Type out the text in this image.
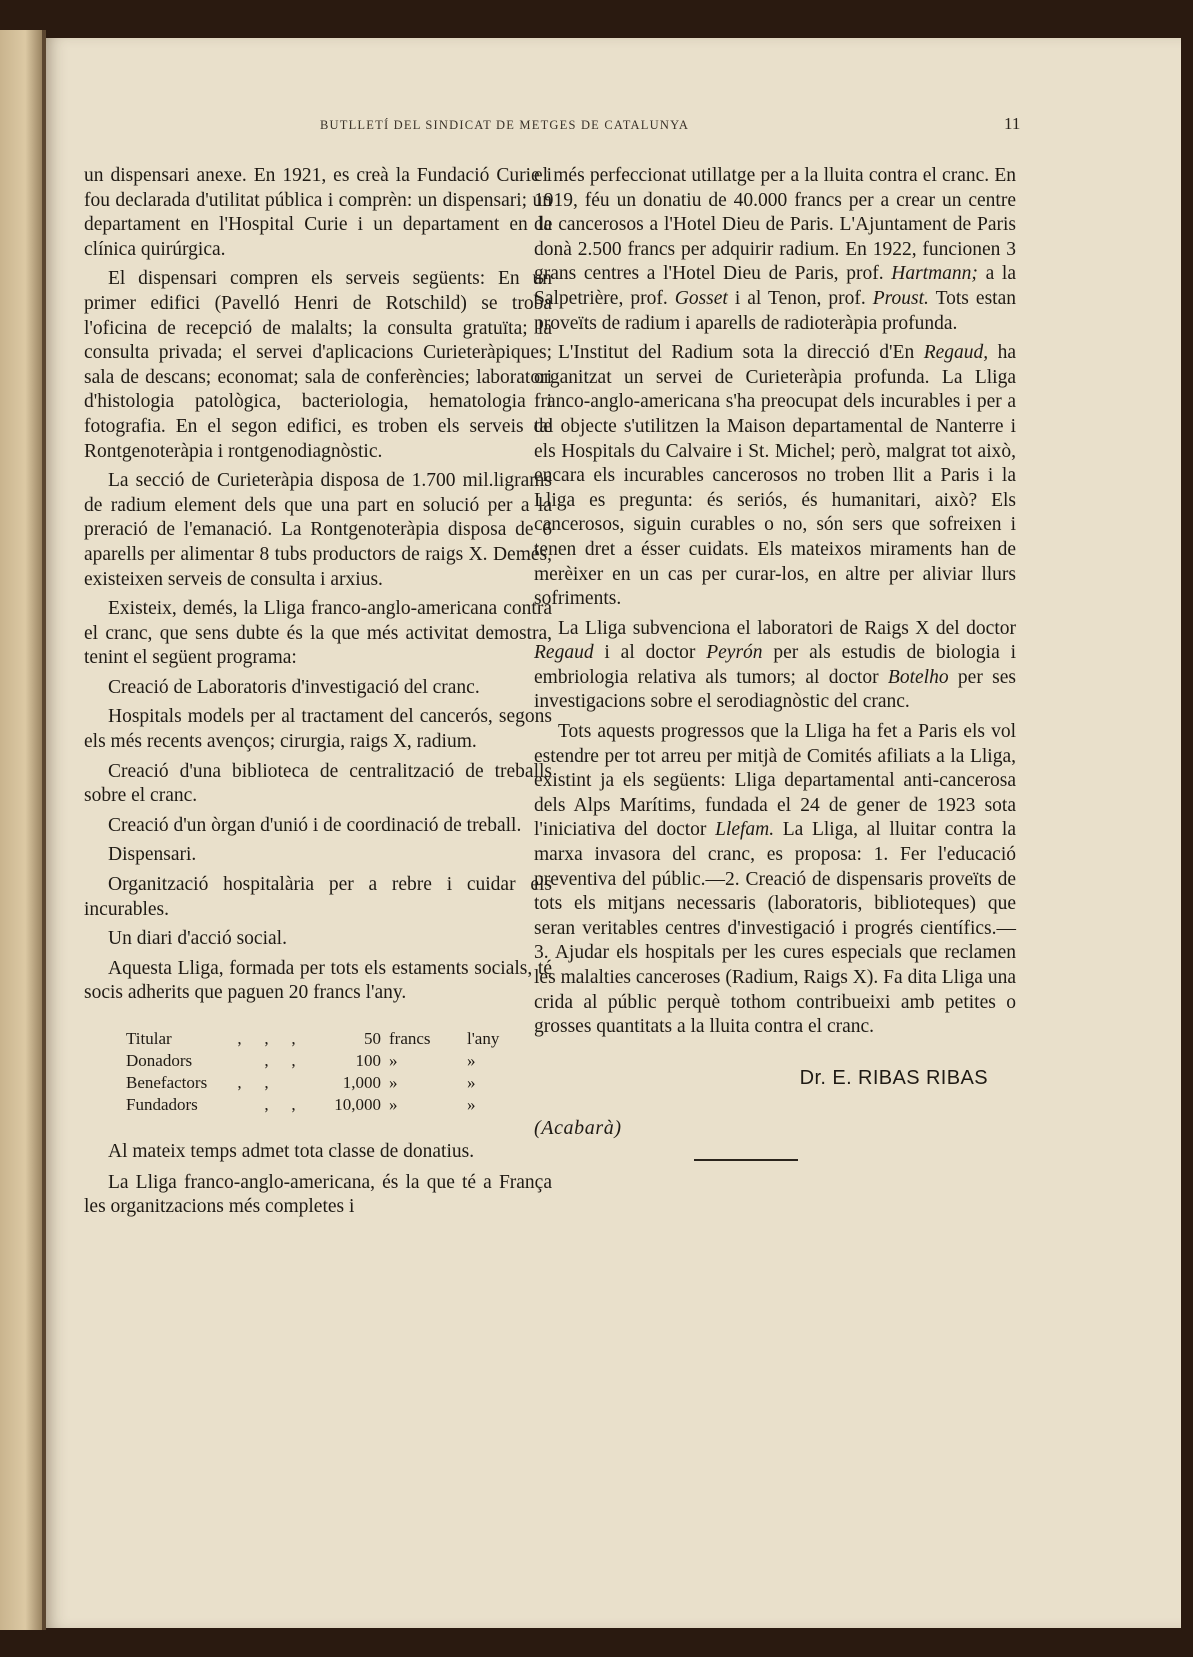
BUTLLETÍ DEL SINDICAT DE METGES DE CATALUNYA	11

un dispensari anexe. En 1921, es creà la Fundació Curie i fou declarada d'utilitat pública i comprèn: un dispensari; un departament en l'Hospital Curie i un departament en la clínica quirúrgica.

El dispensari compren els serveis següents: En un primer edifici (Pavelló Henri de Rotschild) se troba l'oficina de recepció de malalts; la consulta gratuïta; la consulta privada; el servei d'aplicacions Curieteràpiques; sala de descans; economat; sala de conferències; laboratori d'histologia patològica, bacteriologia, hematologia i fotografia. En el segon edifici, es troben els serveis de Rontgenoteràpia i rontgenodiagnòstic.

La secció de Curieteràpia disposa de 1.700 mil.ligrams de radium element dels que una part en solució per a la preració de l'emanació. La Rontgenoteràpia disposa de 6 aparells per alimentar 8 tubs productors de raigs X. Demés, existeixen serveis de consulta i arxius.

Existeix, demés, la Lliga franco-anglo-americana contra el cranc, que sens dubte és la que més activitat demostra, tenint el següent programa:

Creació de Laboratoris d'investigació del cranc.

Hospitals models per al tractament del cancerós, segons els més recents avenços; cirurgia, raigs X, radium.

Creació d'una biblioteca de centralització de treballs sobre el cranc.

Creació d'un òrgan d'unió i de coordinació de treball.

Dispensari.

Organització hospitalària per a rebre i cuidar els incurables.

Un diari d'acció social.

Aquesta Lliga, formada per tots els estaments socials, té socis adherits que paguen 20 francs l'any.

Titular	,	,	,	50	francs	l'any
Donadors		,	,	100	»	»
Benefactors	,	,		1,000	»	»
Fundadors		,	,	10,000	»	»

Al mateix temps admet tota classe de donatius.

La Lliga franco-anglo-americana, és la que té a França les organitzacions més completes i

el més perfeccionat utillatge per a la lluita contra el cranc. En 1919, féu un donatiu de 40.000 francs per a crear un centre de cancerosos a l'Hotel Dieu de Paris. L'Ajuntament de Paris donà 2.500 francs per adquirir radium. En 1922, funcionen 3 grans centres a l'Hotel Dieu de Paris, prof. Hartmann; a la Salpetrière, prof. Gosset i al Tenon, prof. Proust. Tots estan proveïts de radium i aparells de radioteràpia profunda.

L'Institut del Radium sota la direcció d'En Regaud, ha organitzat un servei de Curieteràpia profunda. La Lliga franco-anglo-americana s'ha preocupat dels incurables i per a tal objecte s'utilitzen la Maison departamental de Nanterre i els Hospitals du Calvaire i St. Michel; però, malgrat tot això, encara els incurables cancerosos no troben llit a Paris i la Lliga es pregunta: és seriós, és humanitari, això? Els cancerosos, siguin curables o no, són sers que sofreixen i tenen dret a ésser cuidats. Els mateixos miraments han de merèixer en un cas per curar-los, en altre per aliviar llurs sofriments.

La Lliga subvenciona el laboratori de Raigs X del doctor Regaud i al doctor Peyrón per als estudis de biologia i embriologia relativa als tumors; al doctor Botelho per ses investigacions sobre el serodiagnòstic del cranc.

Tots aquests progressos que la Lliga ha fet a Paris els vol estendre per tot arreu per mitjà de Comités afiliats a la Lliga, existint ja els següents: Lliga departamental anti-cancerosa dels Alps Marítims, fundada el 24 de gener de 1923 sota l'iniciativa del doctor Llefam. La Lliga, al lluitar contra la marxa invasora del cranc, es proposa: 1. Fer l'educació preventiva del públic.—2. Creació de dispensaris proveïts de tots els mitjans necessaris (laboratoris, biblioteques) que seran veritables centres d'investigació i progrés científics.—3. Ajudar els hospitals per les cures especials que reclamen les malalties canceroses (Radium, Raigs X). Fa dita Lliga una crida al públic perquè tothom contribueixi amb petites o grosses quantitats a la lluita contra el cranc.

Dr. E. RIBAS RIBAS
(Acabarà)
